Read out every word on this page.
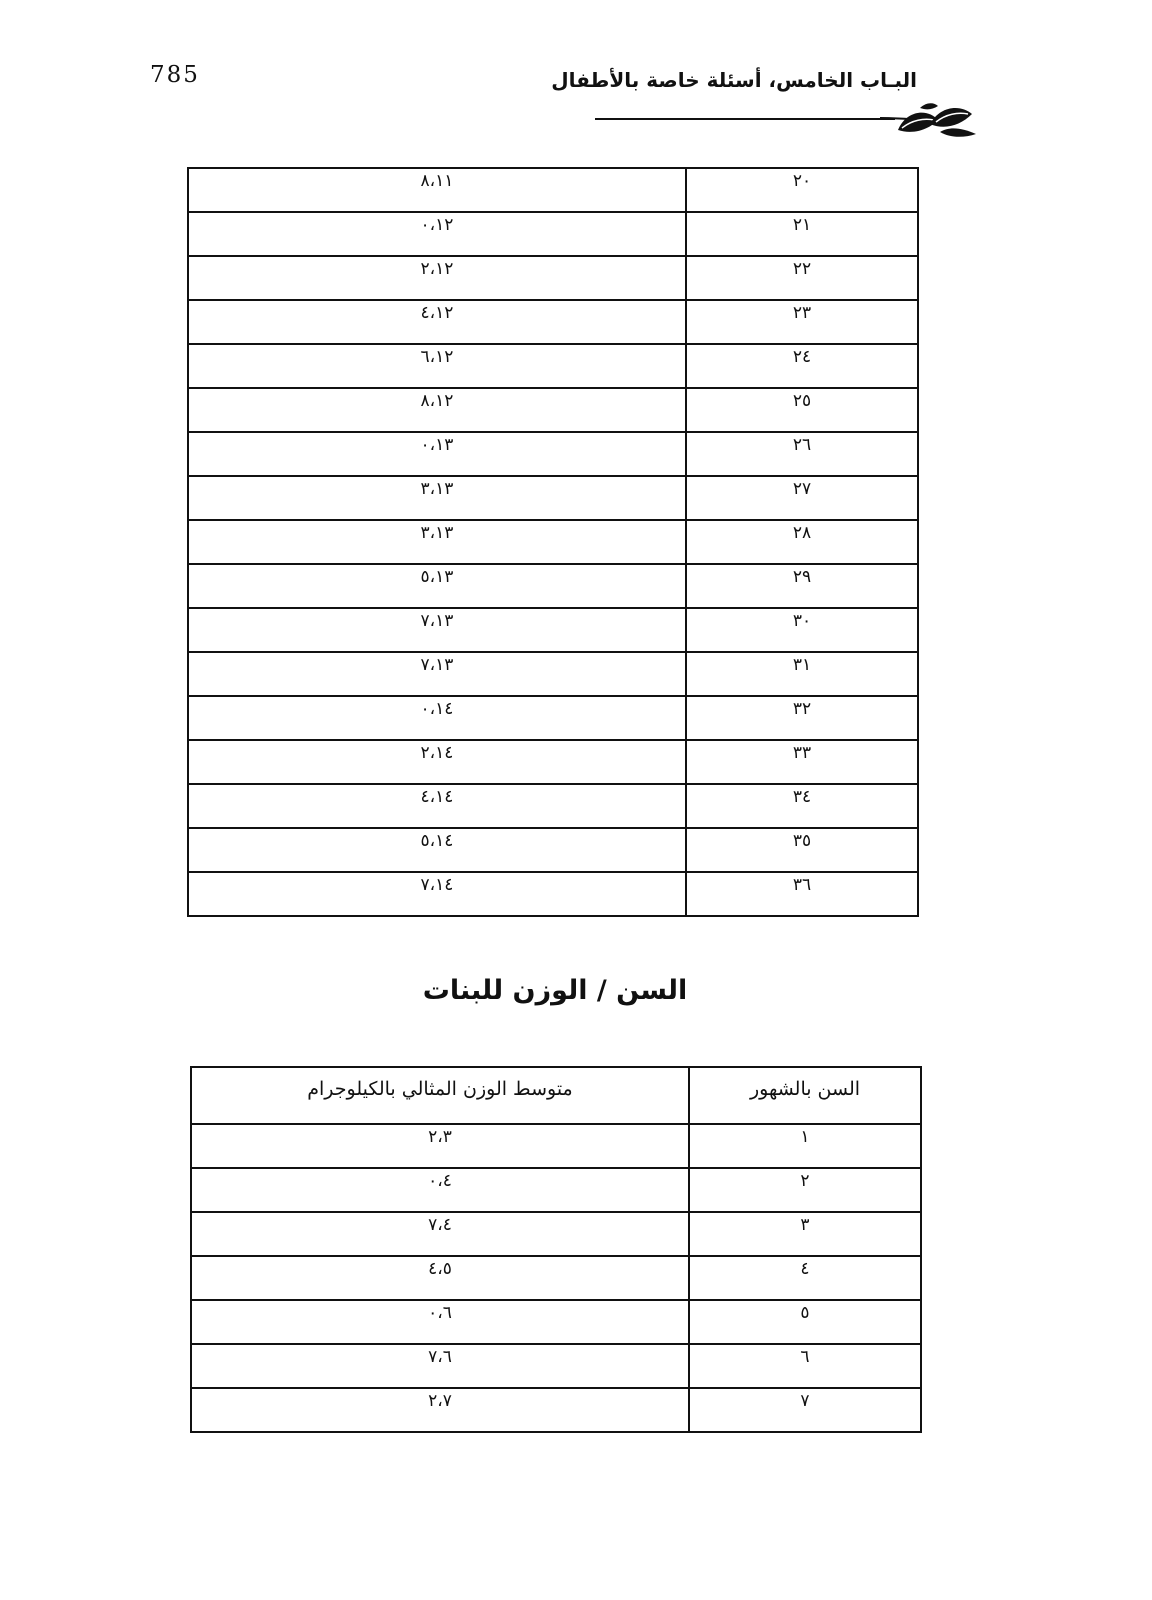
785	البـاب الخامس، أسئلة خاصة بالأطفال
٢٠	٨،١١
٢١	٠،١٢
٢٢	٢،١٢
٢٣	٤،١٢
٢٤	٦،١٢
٢٥	٨،١٢
٢٦	٠،١٣
٢٧	٣،١٣
٢٨	٣،١٣
٢٩	٥،١٣
٣٠	٧،١٣
٣١	٧،١٣
٣٢	٠،١٤
٣٣	٢،١٤
٣٤	٤،١٤
٣٥	٥،١٤
٣٦	٧،١٤
السن / الوزن للبنات
السن بالشهور	متوسط الوزن المثالي بالكيلوجرام
١	٢،٣
٢	٠،٤
٣	٧،٤
٤	٤،٥
٥	٠،٦
٦	٧،٦
٧	٢،٧
